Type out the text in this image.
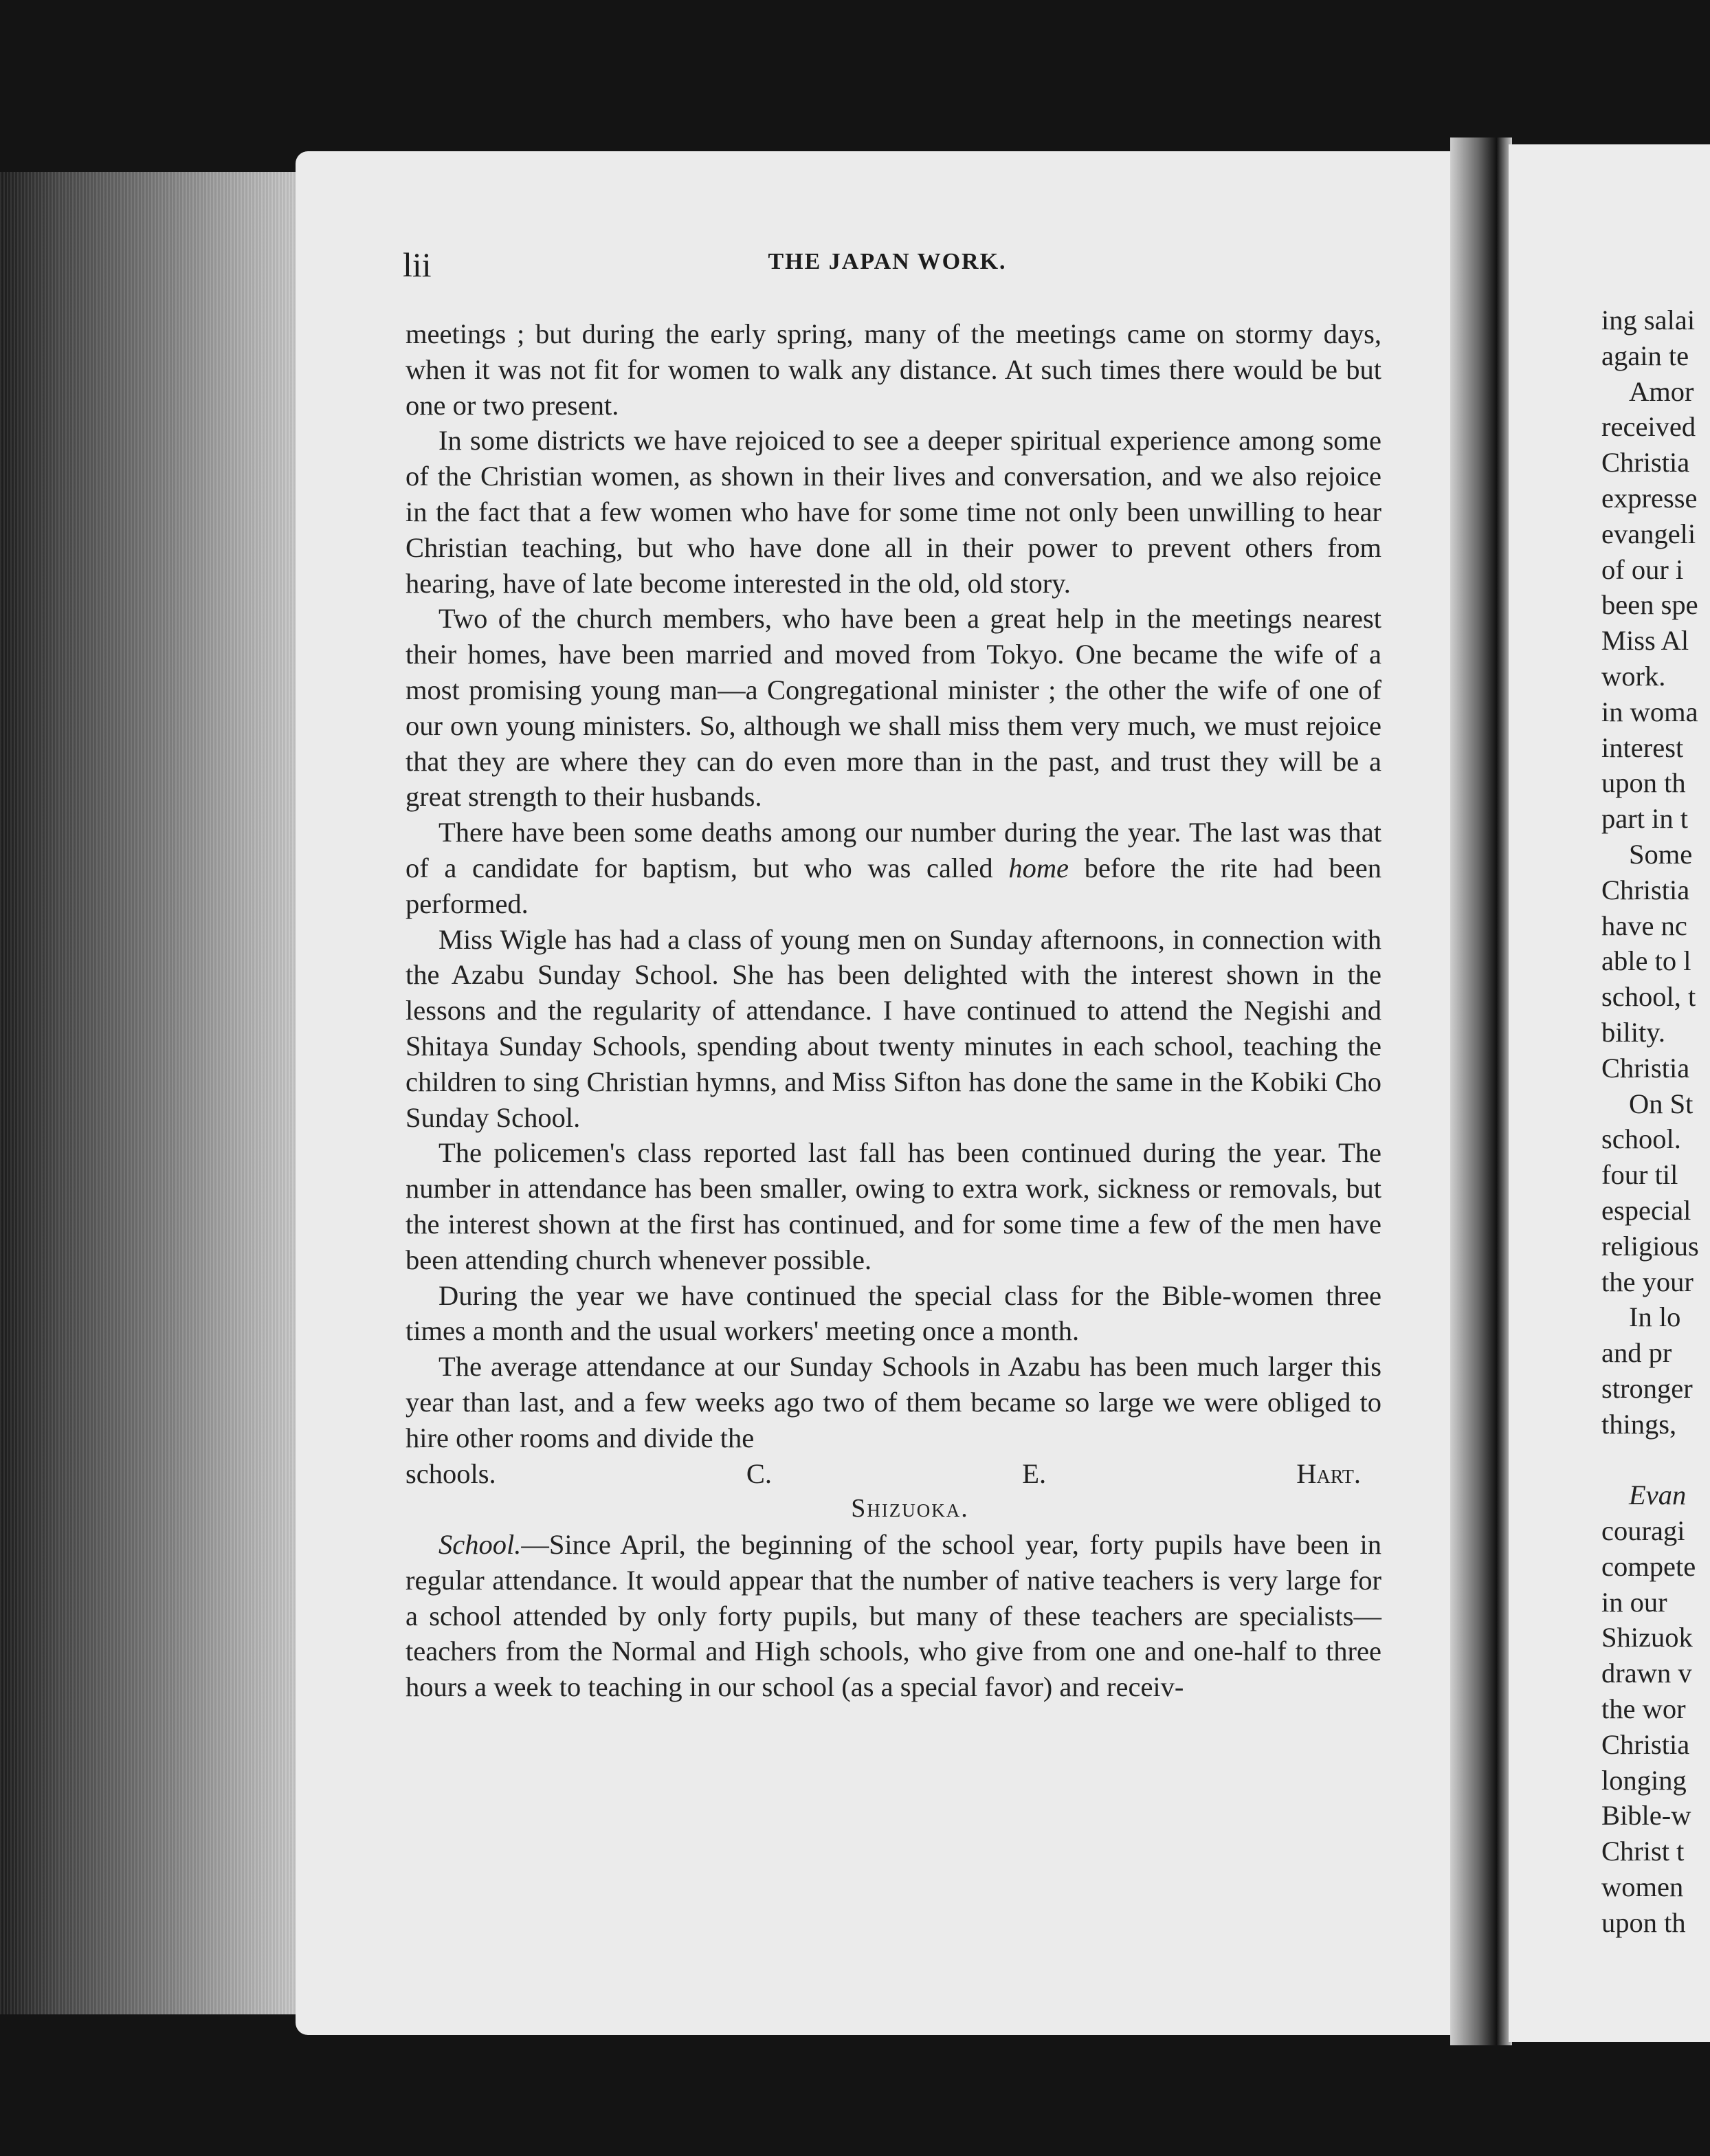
lii	THE JAPAN WORK.

meetings ; but during the early spring, many of the meetings came on stormy days, when it was not fit for women to walk any distance. At such times there would be but one or two present.

In some districts we have rejoiced to see a deeper spiritual experience among some of the Christian women, as shown in their lives and conversation, and we also rejoice in the fact that a few women who have for some time not only been unwilling to hear Christian teaching, but who have done all in their power to prevent others from hearing, have of late become interested in the old, old story.

Two of the church members, who have been a great help in the meetings nearest their homes, have been married and moved from Tokyo. One became the wife of a most promising young man—a Congregational minister ; the other the wife of one of our own young ministers. So, although we shall miss them very much, we must rejoice that they are where they can do even more than in the past, and trust they will be a great strength to their husbands.

There have been some deaths among our number during the year. The last was that of a candidate for baptism, but who was called home before the rite had been performed.

Miss Wigle has had a class of young men on Sunday afternoons, in connection with the Azabu Sunday School. She has been delighted with the interest shown in the lessons and the regularity of attendance. I have continued to attend the Negishi and Shitaya Sunday Schools, spending about twenty minutes in each school, teaching the children to sing Christian hymns, and Miss Sifton has done the same in the Kobiki Cho Sunday School.

The policemen's class reported last fall has been continued during the year. The number in attendance has been smaller, owing to extra work, sickness or removals, but the interest shown at the first has continued, and for some time a few of the men have been attending church whenever possible.

During the year we have continued the special class for the Bible-women three times a month and the usual workers' meeting once a month.

The average attendance at our Sunday Schools in Azabu has been much larger this year than last, and a few weeks ago two of them became so large we were obliged to hire other rooms and divide the

schools.	C. E. Hart.

Shizuoka.

School.—Since April, the beginning of the school year, forty pupils have been in regular attendance. It would appear that the number of native teachers is very large for a school attended by only forty pupils, but many of these teachers are specialists—teachers from the Normal and High schools, who give from one and one-half to three hours a week to teaching in our school (as a special favor) and receiv-

ing salai
again te
Amor
received
Christia
expresse
evangeli
of our i
been spe
Miss Al
work.
in woma
interest
upon th
part in t
Some
Christia
have nc
able to l
school, t
bility.
Christia
On St
school.
four til
especial
religious
the your
In lo
and pr
stronger
things,
Evan
couragi
compete
in our
Shizuok
drawn v
the wor
Christia
longing
Bible-w
Christ t
women
upon th
